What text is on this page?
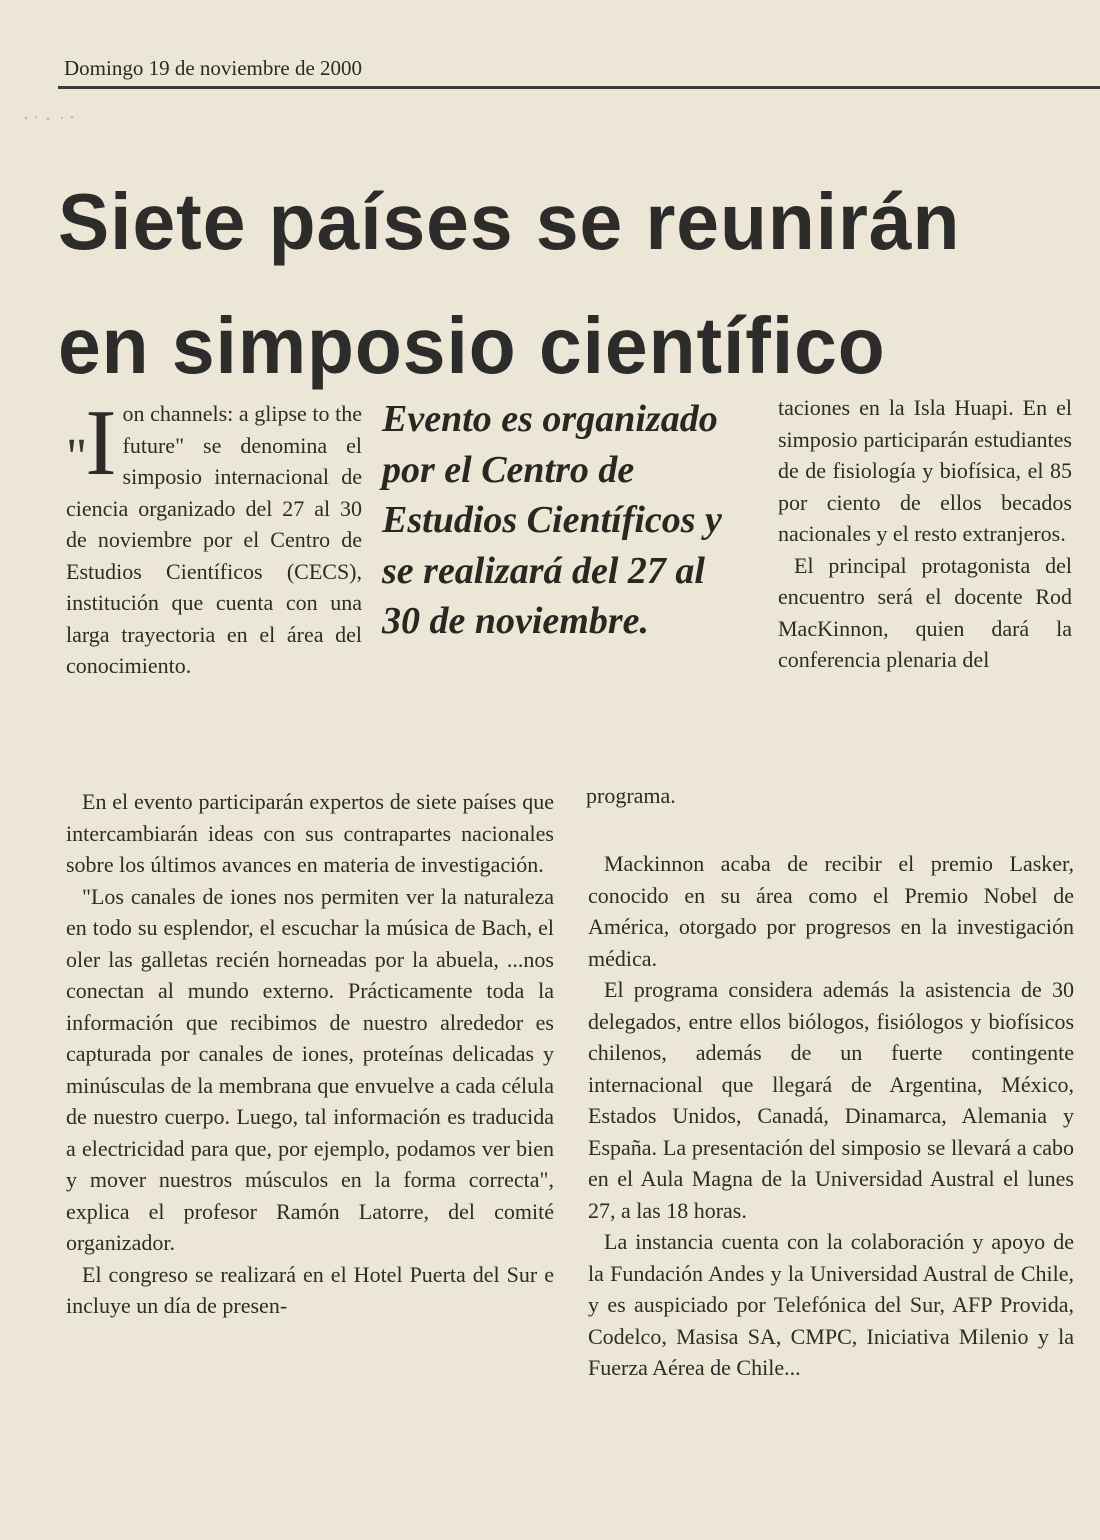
Domingo 19 de noviembre de 2000
Siete países se reunirán
en simposio científico
"I on channels: a glipse to the future" se denomina el simposio internacional de ciencia organizado del 27 al 30 de noviembre por el Centro de Estudios Científicos (CECS), institución que cuenta con una larga trayectoria en el área del conocimiento.

Evento es organizado por el Centro de Estudios Científicos y se realizará del 27 al 30 de noviembre.

En el evento participarán expertos de siete países que intercambiarán ideas con sus contrapartes nacionales sobre los últimos avances en materia de investigación.

"Los canales de iones nos permiten ver la naturaleza en todo su esplendor, el escuchar la música de Bach, el oler las galletas recién horneadas por la abuela, ...nos conectan al mundo externo. Prácticamente toda la información que recibimos de nuestro alrededor es capturada por canales de iones, proteínas delicadas y minúsculas de la membrana que envuelve a cada célula de nuestro cuerpo. Luego, tal información es traducida a electricidad para que, por ejemplo, podamos ver bien y mover nuestros músculos en la forma correcta", explica el profesor Ramón Latorre, del comité organizador.

El congreso se realizará en el Hotel Puerta del Sur e incluye un día de presen-

taciones en la Isla Huapi. En el simposio participarán estudiantes de de fisiología y biofísica, el 85 por ciento de ellos becados nacionales y el resto extranjeros.

El principal protagonista del encuentro será el docente Rod MacKinnon, quien dará la conferencia plenaria del

programa.

Mackinnon acaba de recibir el premio Lasker, conocido en su área como el Premio Nobel de América, otorgado por progresos en la investigación médica.

El programa considera además la asistencia de 30 delegados, entre ellos biólogos, fisiólogos y biofísicos chilenos, además de un fuerte contingente internacional que llegará de Argentina, México, Estados Unidos, Canadá, Dinamarca, Alemania y España. La presentación del simposio se llevará a cabo en el Aula Magna de la Universidad Austral el lunes 27, a las 18 horas.

La instancia cuenta con la colaboración y apoyo de la Fundación Andes y la Universidad Austral de Chile, y es auspiciado por Telefónica del Sur, AFP Provida, Codelco, Masisa SA, CMPC, Iniciativa Milenio y la Fuerza Aérea de Chile...
